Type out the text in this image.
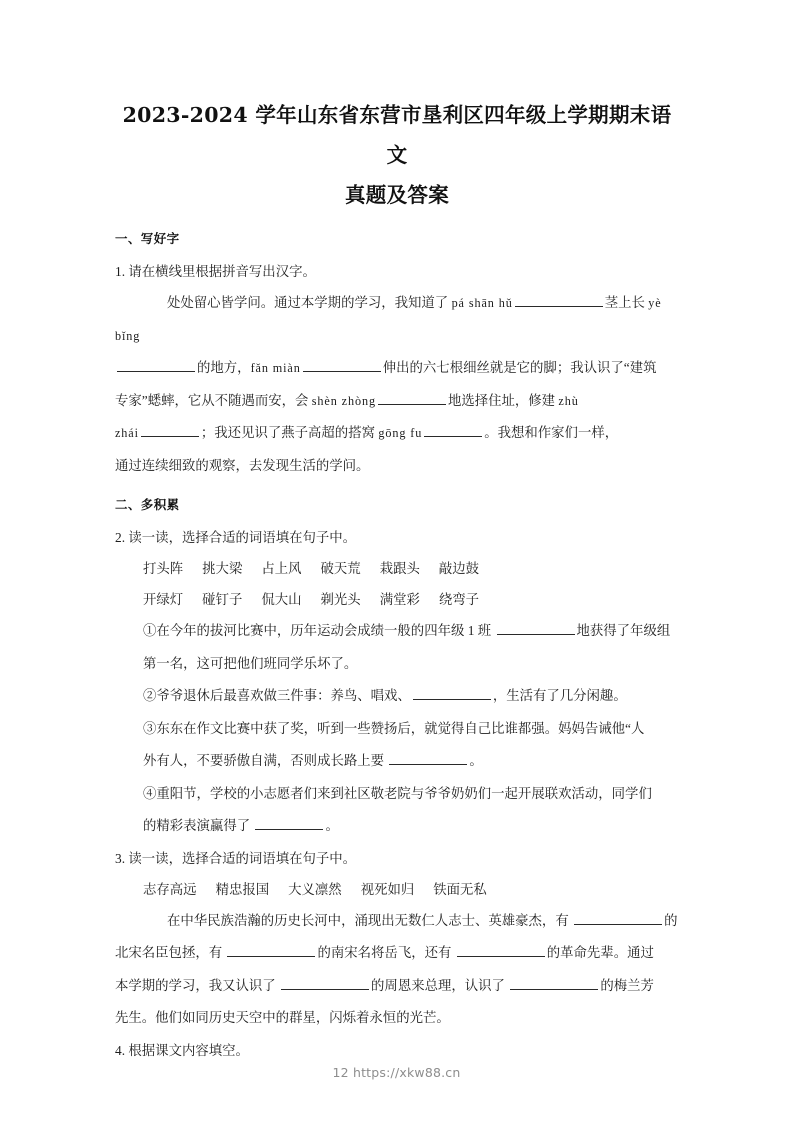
2023-2024 学年山东省东营市垦利区四年级上学期期末语文
真题及答案
一、写好字
1. 请在横线里根据拼音写出汉字。
处处留心皆学问。通过本学期的学习，我知道了 pá shān hǔ	茎上长 yè
bǐng
的地方，fǎn miàn	伸出的六七根细丝就是它的脚；我认识了“建筑
专家”蟋蟀，它从不随遇而安，会 shèn zhòng	地选择住址，修建 zhù
zhái	；我还见识了燕子高超的搭窝 gōng fu	。我想和作家们一样，
通过连续细致的观察，去发现生活的学问。
二、多积累
2. 读一读，选择合适的词语填在句子中。
打头阵 挑大梁 占上风 破天荒 栽跟头 敲边鼓
开绿灯 碰钉子 侃大山 剃光头 满堂彩 绕弯子
①在今年的拔河比赛中，历年运动会成绩一般的四年级 1 班	地获得了年级组
第一名，这可把他们班同学乐坏了。
②爷爷退休后最喜欢做三件事：养鸟、唱戏、	，生活有了几分闲趣。
③东东在作文比赛中获了奖，听到一些赞扬后，就觉得自己比谁都强。妈妈告诫他“人
外有人，不要骄傲自满，否则成长路上要	。
④重阳节，学校的小志愿者们来到社区敬老院与爷爷奶奶们一起开展联欢活动，同学们
的精彩表演赢得了	。
3. 读一读，选择合适的词语填在句子中。
志存高远 精忠报国 大义凛然 视死如归 铁面无私
在中华民族浩瀚的历史长河中，涌现出无数仁人志士、英雄豪杰，有	的
北宋名臣包拯，有	的南宋名将岳飞，还有	的革命先辈。通过
本学期的学习，我又认识了	的周恩来总理，认识了	的梅兰芳
先生。他们如同历史天空中的群星，闪烁着永恒的光芒。
4. 根据课文内容填空。
12 https://xkw88.cn
